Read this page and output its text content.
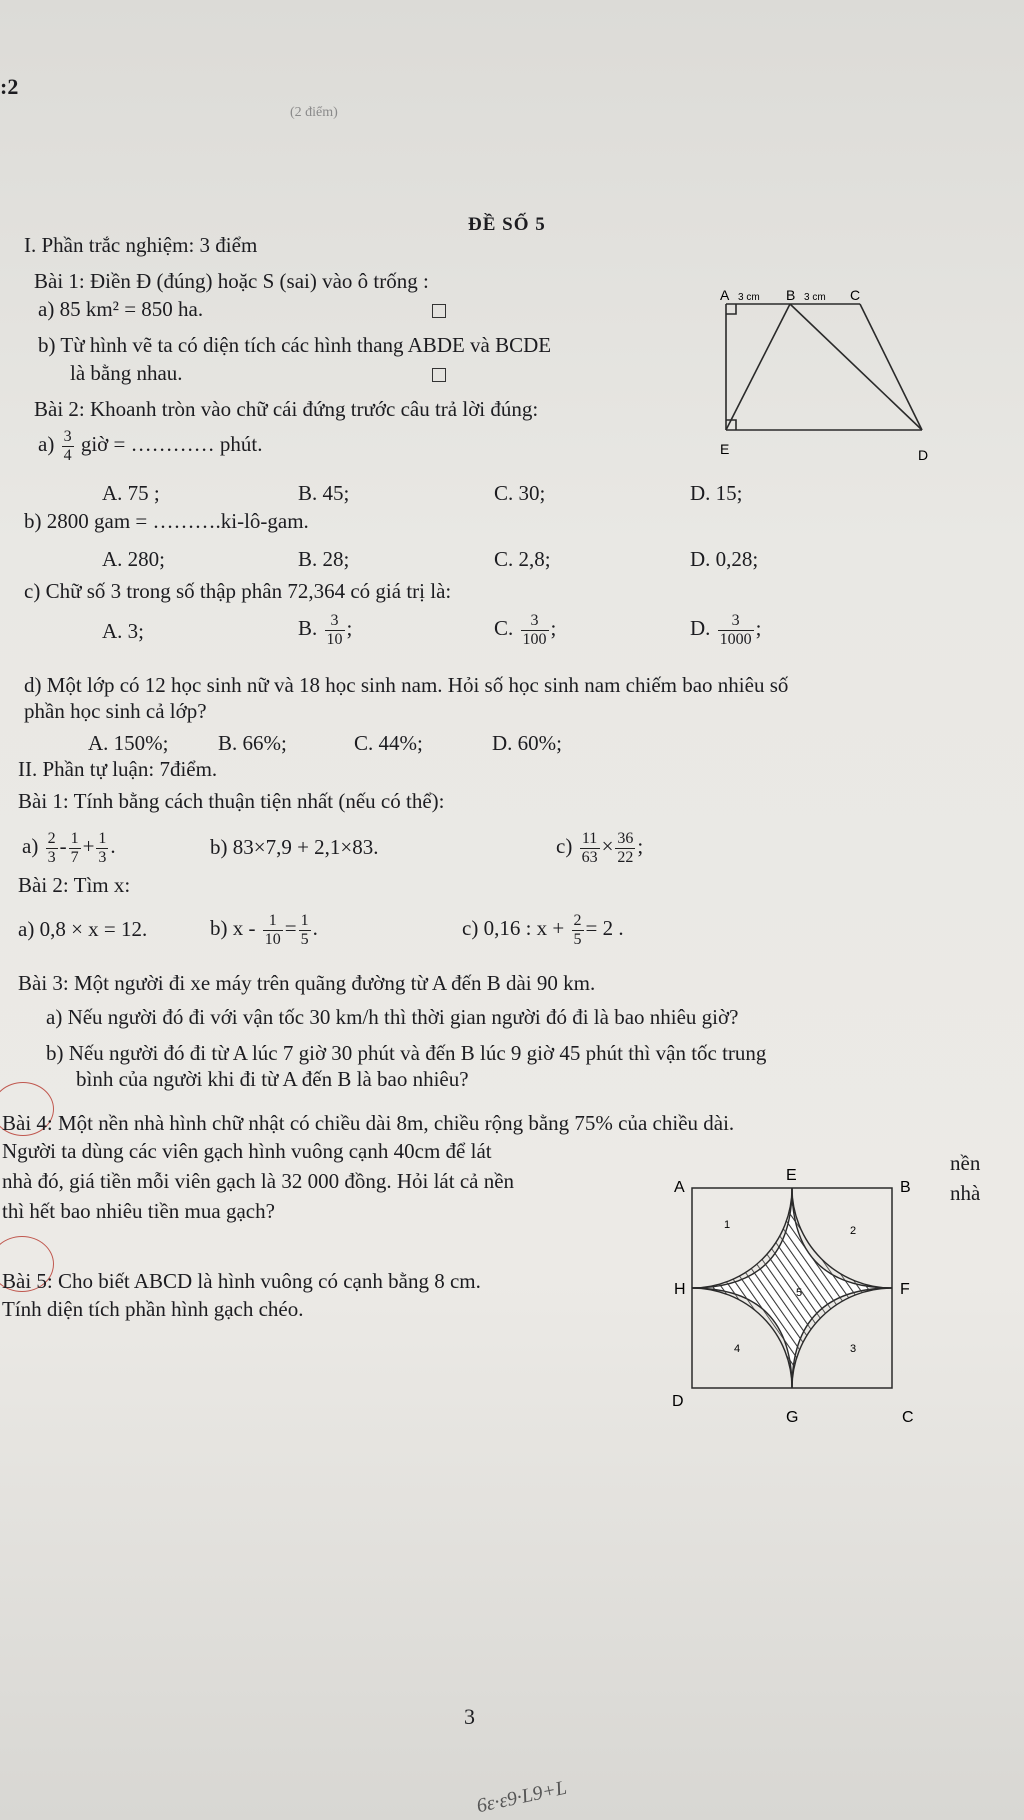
:2
(2 điểm)
ĐỀ SỐ 5
I. Phần trắc nghiệm: 3 điểm
Bài 1: Điền Đ (đúng) hoặc S (sai) vào ô trống :
a) 85 km² = 850 ha.
b) Từ hình vẽ ta có diện tích các hình thang ABDE và BCDE
là bằng nhau.
Bài 2: Khoanh tròn vào chữ cái đứng trước câu trả lời đúng:
$a) \frac{3}{4}$ giờ = ………… phút.
A. 75 ;	B. 45;	C. 30;	D. 15;
b) 2800 gam = ……….ki-lô-gam.
A. 280;	B. 28;	C. 2,8;	D. 0,28;
c) Chữ số 3 trong số thập phân 72,364 có giá trị là:
A. 3;	B. $\frac{3}{10}$ ;	C. $\frac{3}{100}$ ;	D. $\frac{3}{1000}$ ;
d) Một lớp có 12 học sinh nữ và 18 học sinh nam. Hỏi số học sinh nam chiếm bao nhiêu số
phần học sinh cả lớp?
A. 150%; B. 66%;	C. 44%;	D. 60%;
A 3 cm B 3 cm C
E	D
II. Phần tự luận: 7điểm.
Bài 1: Tính bằng cách thuận tiện nhất (nếu có thể):
$a) \frac{2}{3} - \frac{1}{7} + \frac{1}{3}$ .	b) 83×7,9 + 2,1×83.	$c) \frac{11}{63} \times \frac{36}{22}$ ;
Bài 2: Tìm x:
a) 0,8 × x = 12.	b) $x - \frac{1}{10} = \frac{1}{5}$ .	c) 0,16 : $x + \frac{2}{5} = 2$ .
Bài 3: Một người đi xe máy trên quãng đường từ A đến B dài 90 km.
a) Nếu người đó đi với vận tốc 30 km/h thì thời gian người đó đi là bao nhiêu giờ?
b) Nếu người đó đi từ A lúc 7 giờ 30 phút và đến B lúc 9 giờ 45 phút thì vận tốc trung
bình của người khi đi từ A đến B là bao nhiêu?
Bài 4: Một nền nhà hình chữ nhật có chiều dài 8m, chiều rộng bằng 75% của chiều dài.
Người ta dùng các viên gạch hình vuông cạnh 40cm để lát	nền
nhà đó, giá tiền mỗi viên gạch là 32 000 đồng. Hỏi lát cả nền	nhà
thì hết bao nhiêu tiền mua gạch?
Bài 5: Cho biết ABCD là hình vuông có cạnh bằng 8 cm.
Tính diện tích phần hình gạch chéo.
A
E
B
H	F
D
G	C
1	2
3
4
5
3
6ε·ε9·L9+L
